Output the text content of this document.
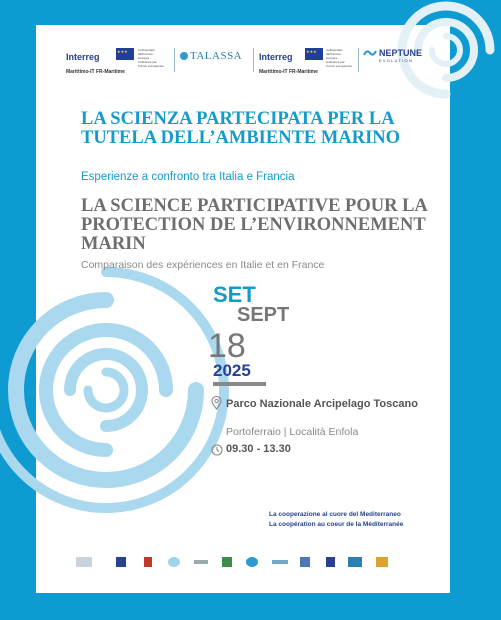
Interreg
★★★
Cofinanziato dall'Unione europea · Cofinancé par l'Union européenne
Marittimo-IT FR-Maritime
TALASSA Interreg
★★★
Cofinanziato dall'Unione europea · Cofinancé par l'Union européenne
Marittimo-IT FR-Maritime
NEPTUNE
EVOLUTION
LA SCIENZA PARTECIPATA PER LA TUTELA DELL’AMBIENTE MARINO
Esperienze a confronto tra Italia e Francia
LA SCIENCE PARTICIPATIVE POUR LA PROTECTION DE L’ENVIRONNEMENT MARIN
Comparaison des expériences en Italie et en France
SET
SEPT
18
2025
Parco Nazionale Arcipelago Toscano
Portoferraio | Località Enfola
09.30 - 13.30
La cooperazione al cuore del Mediterraneo
La coopération au coeur de la Méditerranée
